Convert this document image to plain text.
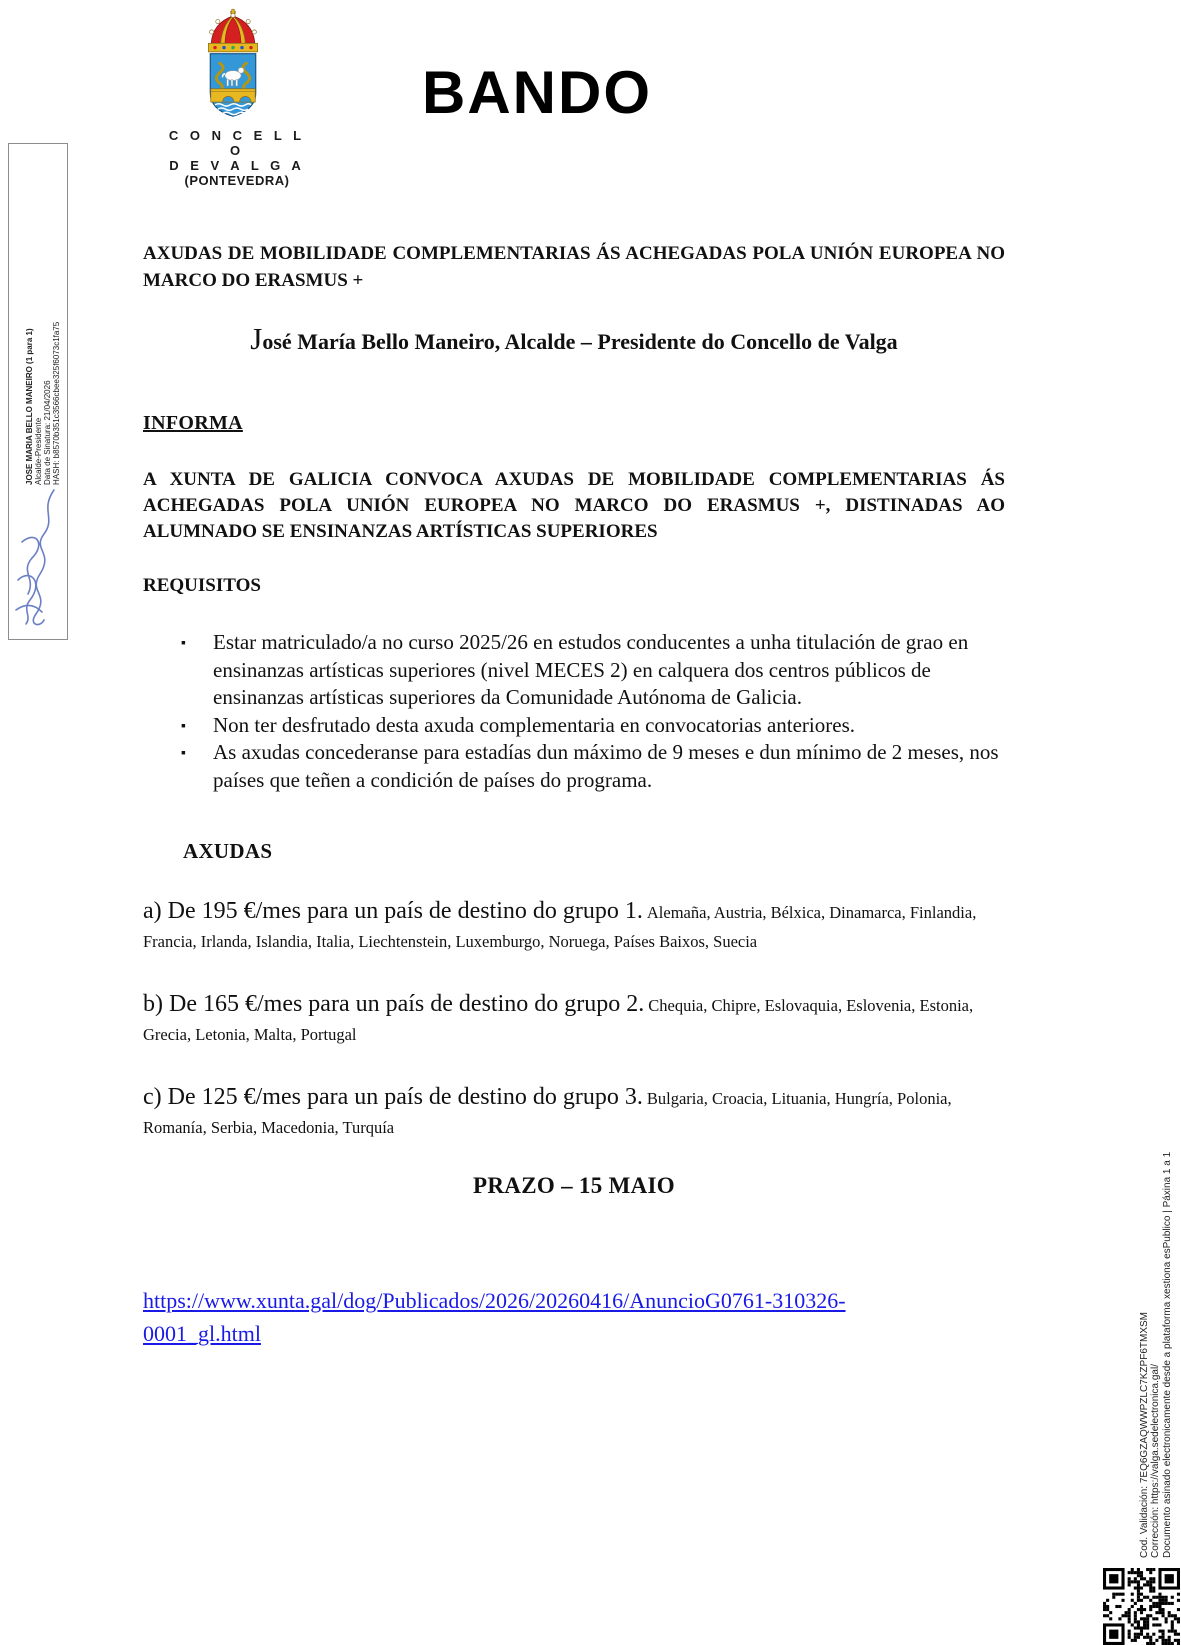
C O N C E L L O
D E V A L G A
(PONTEVEDRA)
BANDO
JOSE MARIA BELLO MANEIRO (1 para 1) Alcalde-Presidente Data de Sinatura: 21/04/2026 HASH: b8570b351c3566cbee325f6073c1fa75
Cod. Validación: 7EQ6GZAQWWPZLC7KZPF6TMXSM Corrección: https://valga.sedelectronica.gal/ Documento asinado electronicamente desde a plataforma xestiona esPublico | Páxina 1 a 1

AXUDAS DE MOBILIDADE COMPLEMENTARIAS ÁS ACHEGADAS POLA UNIÓN EUROPEA NO MARCO DO ERASMUS +

José María Bello Maneiro, Alcalde – Presidente do Concello de Valga

INFORMA

A XUNTA DE GALICIA CONVOCA AXUDAS DE MOBILIDADE COMPLEMENTARIAS ÁS ACHEGADAS POLA UNIÓN EUROPEA NO MARCO DO ERASMUS +, DISTINADAS AO ALUMNADO SE ENSINANZAS ARTÍSTICAS SUPERIORES

REQUISITOS
▪ Estar matriculado/a no curso 2025/26 en estudos conducentes a unha titulación de grao en ensinanzas artísticas superiores (nivel MECES 2) en calquera dos centros públicos de ensinanzas artísticas superiores da Comunidade Autónoma de Galicia.
▪ Non ter desfrutado desta axuda complementaria en convocatorias anteriores.
▪ As axudas concederanse para estadías dun máximo de 9 meses e dun mínimo de 2 meses, nos países que teñen a condición de países do programa.
AXUDAS

a) De 195 €/mes para un país de destino do grupo 1. Alemaña, Austria, Bélxica, Dinamarca, Finlandia, Francia, Irlanda, Islandia, Italia, Liechtenstein, Luxemburgo, Noruega, Países Baixos, Suecia

b) De 165 €/mes para un país de destino do grupo 2. Chequia, Chipre, Eslovaquia, Eslovenia, Estonia, Grecia, Letonia, Malta, Portugal

c) De 125 €/mes para un país de destino do grupo 3. Bulgaria, Croacia, Lituania, Hungría, Polonia, Romanía, Serbia, Macedonia, Turquía

PRAZO – 15 MAIO

https://www.xunta.gal/dog/Publicados/2026/20260416/AnuncioG0761-310326-0001_gl.html
